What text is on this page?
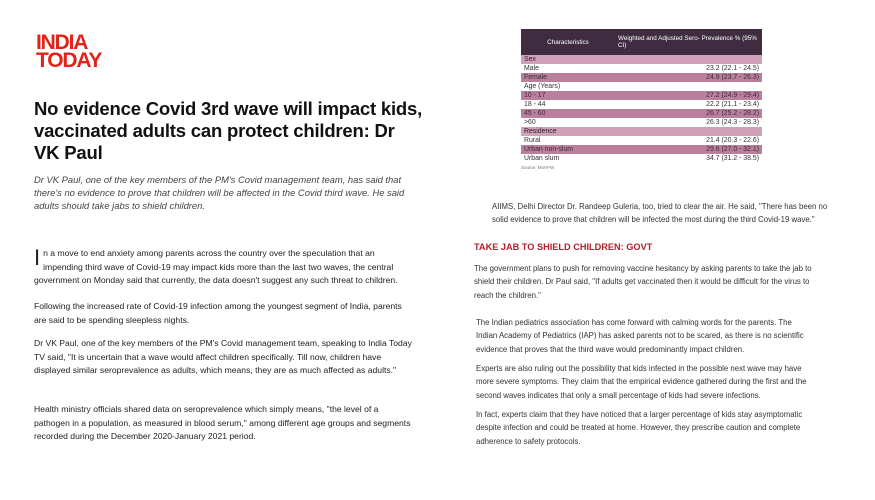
INDIA
TODAY
No evidence Covid 3rd wave will impact kids, vaccinated adults can protect children: Dr VK Paul

Dr VK Paul, one of the key members of the PM's Covid management team, has said that there's no evidence to prove that children will be affected in the Covid third wave. He said adults should take jabs to shield children.

I n a move to end anxiety among parents across the country over the speculation that an impending third wave of Covid-19 may impact kids more than the last two waves, the central government on Monday said that currently, the data doesn't suggest any such threat to children.

Following the increased rate of Covid-19 infection among the youngest segment of India, parents are said to be spending sleepless nights.

Dr VK Paul, one of the key members of the PM's Covid management team, speaking to India Today TV said, "It is uncertain that a wave would affect children specifically. Till now, children have displayed similar seroprevalence as adults, which means, they are as much affected as adults."

Health ministry officials shared data on seroprevalence which simply means, "the level of a pathogen in a population, as measured in blood serum," among different age groups and segments recorded during the December 2020-January 2021 period.

Characteristics	Weighted and Adjusted Sero- Prevalence % (95% CI)
Sex	
Male	23.2 (22.1 - 24.5)
Female	24.9 (23.7 - 26.3)
Age (Years)	
10 - 17	27.2 (24.9 - 29.4)
18 - 44	22.2 (21.1 - 23.4)
45 - 60	26.7 (25.2 - 28.2)
>60	26.3 (24.3 - 28.3)
Residence	
Rural	21.4 (20.3 - 22.6)
Urban non-slum	29.6 (27.0 - 32.1)
Urban slum	34.7 (31.2 - 38.5)
Source: MoHFW

AIIMS, Delhi Director Dr. Randeep Guleria, too, tried to clear the air. He said, "There has been no solid evidence to prove that children will be infected the most during the third Covid-19 wave."

TAKE JAB TO SHIELD CHILDREN: GOVT

The government plans to push for removing vaccine hesitancy by asking parents to take the jab to shield their children. Dr Paul said, "If adults get vaccinated then it would be difficult for the virus to reach the children."

The Indian pediatrics association has come forward with calming words for the parents. The Indian Academy of Pediatrics (IAP) has asked parents not to be scared, as there is no scientific evidence that proves that the third wave would predominantly impact children.

Experts are also ruling out the possibility that kids infected in the possible next wave may have more severe symptoms. They claim that the empirical evidence gathered during the first and the second waves indicates that only a small percentage of kids had severe infections.

In fact, experts claim that they have noticed that a larger percentage of kids stay asymptomatic despite infection and could be treated at home. However, they prescribe caution and complete adherence to safety protocols.
